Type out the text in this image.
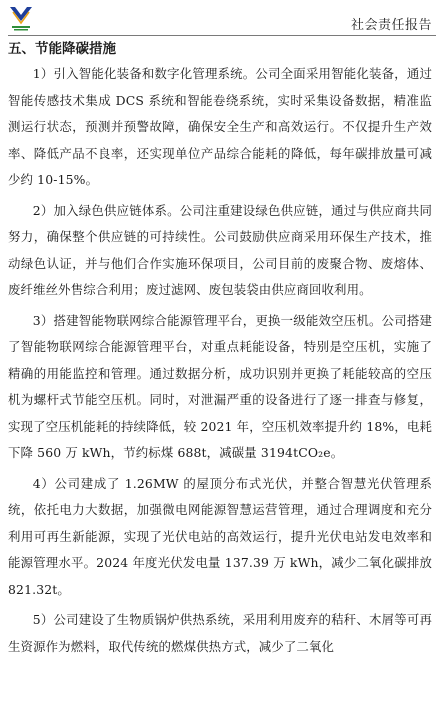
社会责任报告
五、节能降碳措施

1）引入智能化装备和数字化管理系统。公司全面采用智能化装备，通过智能传感技术集成 DCS 系统和智能卷绕系统，实时采集设备数据，精准监测运行状态，预测并预警故障，确保安全生产和高效运行。不仅提升生产效率、降低产品不良率，还实现单位产品综合能耗的降低，每年碳排放量可减少约 10-15%。

2）加入绿色供应链体系。公司注重建设绿色供应链，通过与供应商共同努力，确保整个供应链的可持续性。公司鼓励供应商采用环保生产技术，推动绿色认证，并与他们合作实施环保项目，公司目前的废聚合物、废熔体、废纤维丝外售综合利用；废过滤网、废包装袋由供应商回收利用。

3）搭建智能物联网综合能源管理平台，更换一级能效空压机。公司搭建了智能物联网综合能源管理平台，对重点耗能设备，特别是空压机，实施了精确的用能监控和管理。通过数据分析，成功识别并更换了耗能较高的空压机为螺杆式节能空压机。同时，对泄漏严重的设备进行了逐一排查与修复，实现了空压机能耗的持续降低，较 2021 年，空压机效率提升约 18%，电耗下降 560 万 kWh，节约标煤 688t，减碳量 3194tCO₂e。

4）公司建成了 1.26MW 的屋顶分布式光伏，并整合智慧光伏管理系统，依托电力大数据，加强微电网能源智慧运营管理，通过合理调度和充分利用可再生新能源，实现了光伏电站的高效运行，提升光伏电站发电效率和能源管理水平。2024 年度光伏发电量 137.39 万 kWh，减少二氧化碳排放 821.32t。

5）公司建设了生物质锅炉供热系统，采用利用废弃的秸秆、木屑等可再生资源作为燃料，取代传统的燃煤供热方式，减少了二氧化
